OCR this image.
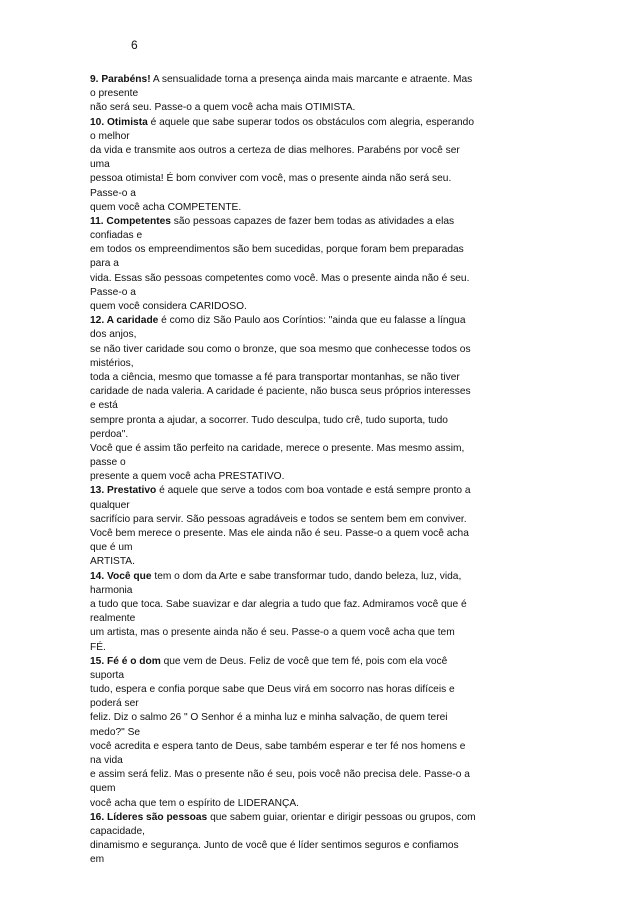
6
9. Parabéns! A sensualidade torna a presença ainda mais marcante e atraente. Mas
o presente
não será seu. Passe-o a quem você acha mais OTIMISTA.
10. Otimista é aquele que sabe superar todos os obstáculos com alegria, esperando
o melhor
da vida e transmite aos outros a certeza de dias melhores. Parabéns por você ser
uma
pessoa otimista! É bom conviver com você, mas o presente ainda não será seu.
Passe-o a
quem você acha COMPETENTE.
11. Competentes são pessoas capazes de fazer bem todas as atividades a elas
confiadas e
em todos os empreendimentos são bem sucedidas, porque foram bem preparadas
para a
vida. Essas são pessoas competentes como você. Mas o presente ainda não é seu.
Passe-o a
quem você considera CARIDOSO.
12. A caridade é como diz São Paulo aos Coríntios: "ainda que eu falasse a língua
dos anjos,
se não tiver caridade sou como o bronze, que soa mesmo que conhecesse todos os
mistérios,
toda a ciência, mesmo que tomasse a fé para transportar montanhas, se não tiver
caridade de nada valeria. A caridade é paciente, não busca seus próprios interesses
e está
sempre pronta a ajudar, a socorrer. Tudo desculpa, tudo crê, tudo suporta, tudo
perdoa".
Você que é assim tão perfeito na caridade, merece o presente. Mas mesmo assim,
passe o
presente a quem você acha PRESTATIVO.
13. Prestativo é aquele que serve a todos com boa vontade e está sempre pronto a
qualquer
sacrifício para servir. São pessoas agradáveis e todos se sentem bem em conviver.
Você bem merece o presente. Mas ele ainda não é seu. Passe-o a quem você acha
que é um
ARTISTA.
14. Você que tem o dom da Arte e sabe transformar tudo, dando beleza, luz, vida,
harmonia
a tudo que toca. Sabe suavizar e dar alegria a tudo que faz. Admiramos você que é
realmente
um artista, mas o presente ainda não é seu. Passe-o a quem você acha que tem
FÉ.
15. Fé é o dom que vem de Deus. Feliz de você que tem fé, pois com ela você
suporta
tudo, espera e confia porque sabe que Deus virá em socorro nas horas difíceis e
poderá ser
feliz. Diz o salmo 26 " O Senhor é a minha luz e minha salvação, de quem terei
medo?" Se
você acredita e espera tanto de Deus, sabe também esperar e ter fé nos homens e
na vida
e assim será feliz. Mas o presente não é seu, pois você não precisa dele. Passe-o a
quem
você acha que tem o espírito de LIDERANÇA.
16. Líderes são pessoas que sabem guiar, orientar e dirigir pessoas ou grupos, com
capacidade,
dinamismo e segurança. Junto de você que é líder sentimos seguros e confiamos
em
